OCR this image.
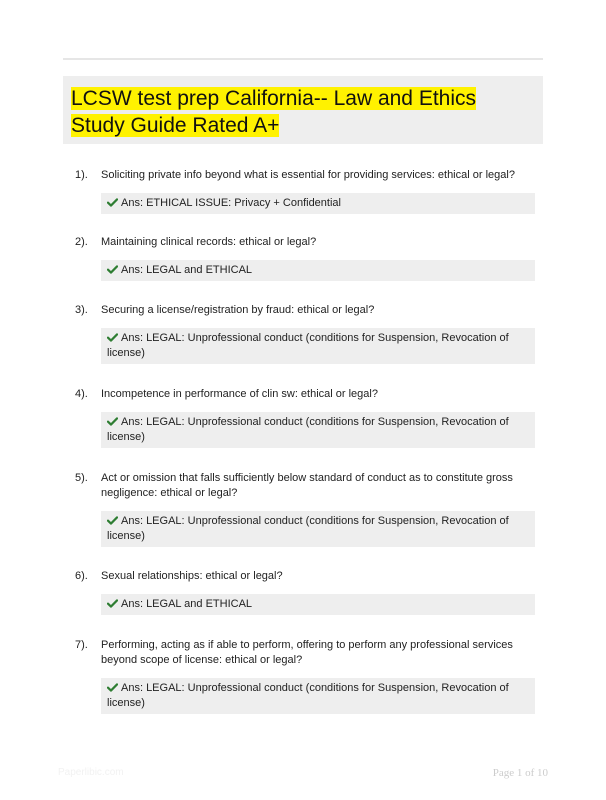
LCSW test prep California-- Law and Ethics Study Guide Rated A+
1). Soliciting private info beyond what is essential for providing services: ethical or legal?
Ans: ETHICAL ISSUE: Privacy + Confidential
2). Maintaining clinical records: ethical or legal?
Ans: LEGAL and ETHICAL
3). Securing a license/registration by fraud: ethical or legal?
Ans: LEGAL: Unprofessional conduct (conditions for Suspension, Revocation of license)
4). Incompetence in performance of clin sw: ethical or legal?
Ans: LEGAL: Unprofessional conduct (conditions for Suspension, Revocation of license)
5). Act or omission that falls sufficiently below standard of conduct as to constitute gross negligence: ethical or legal?
Ans: LEGAL: Unprofessional conduct (conditions for Suspension, Revocation of license)
6). Sexual relationships: ethical or legal?
Ans: LEGAL and ETHICAL
7). Performing, acting as if able to perform, offering to perform any professional services beyond scope of license: ethical or legal?
Ans: LEGAL: Unprofessional conduct (conditions for Suspension, Revocation of license)
Paperlibic.com	Page 1 of 10
